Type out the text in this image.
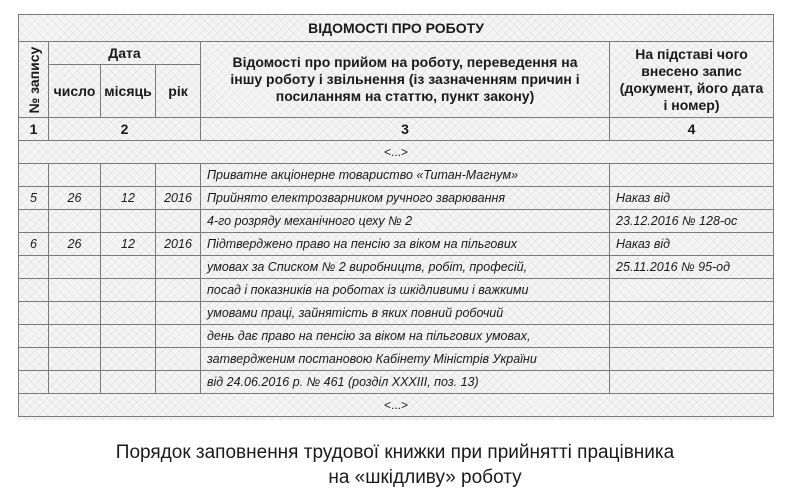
ВІДОМОСТІ ПРО РОБОТУ					

№ запису	Дата			Відомості про прийом на роботу, переведення на іншу роботу і звільнення (із зазначенням причин і посиланням на статтю, пункт закону)	На підставі чого внесено запис (документ, його дата і номер)
	число	місяць	рік		
1	2			3	4
<...>					
				Приватне акціонерне товариство «Титан-Магнум»	
5	26	12	2016	Прийнято електрозварником ручного зварювання	Наказ від
				4-го розряду механічного цеху № 2	23.12.2016 № 128-ос
6	26	12	2016	Підтверджено право на пенсію за віком на пільгових	Наказ від
				умовах за Списком № 2 виробництв, робіт, професій,	25.11.2016 № 95-од
				посад і показників на роботах із шкідливими і важкими	
				умовами праці, зайнятість в яких повний робочий	
				день дає право на пенсію за віком на пільгових умовах,	
				затвердженим постановою Кабінету Міністрів України	
				від 24.06.2016 р. № 461 (розділ XXXIII, поз. 13)	
<...>					
Порядок заповнення трудової книжки при прийнятті працівника
на «шкідливу» роботу
